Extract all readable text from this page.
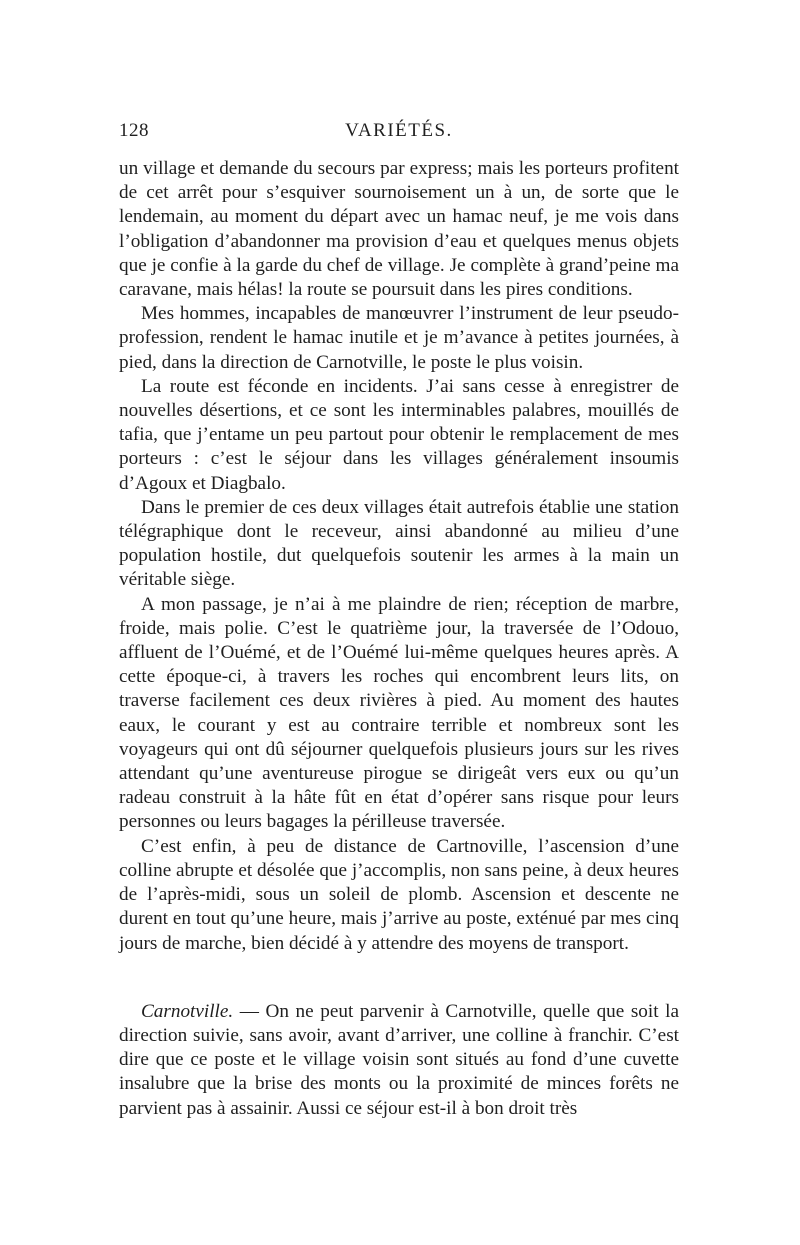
128	VARIÉTÉS.

un village et demande du secours par express; mais les porteurs profitent de cet arrêt pour s’esquiver sournoisement un à un, de sorte que le lendemain, au moment du départ avec un hamac neuf, je me vois dans l’obligation d’abandonner ma provision d’eau et quelques menus objets que je confie à la garde du chef de village. Je complète à grand’peine ma caravane, mais hélas! la route se poursuit dans les pires conditions.

Mes hommes, incapables de manœuvrer l’instrument de leur pseudo-profession, rendent le hamac inutile et je m’avance à petites journées, à pied, dans la direction de Carnotville, le poste le plus voisin.

La route est féconde en incidents. J’ai sans cesse à enregistrer de nouvelles désertions, et ce sont les interminables palabres, mouillés de tafia, que j’entame un peu partout pour obtenir le remplacement de mes porteurs : c’est le séjour dans les villages généralement insoumis d’Agoux et Diagbalo.

Dans le premier de ces deux villages était autrefois établie une station télégraphique dont le receveur, ainsi abandonné au milieu d’une population hostile, dut quelquefois soutenir les armes à la main un véritable siège.

A mon passage, je n’ai à me plaindre de rien; réception de marbre, froide, mais polie. C’est le quatrième jour, la traversée de l’Odouo, affluent de l’Ouémé, et de l’Ouémé lui-même quelques heures après. A cette époque-ci, à travers les roches qui encombrent leurs lits, on traverse facilement ces deux rivières à pied. Au moment des hautes eaux, le courant y est au contraire terrible et nombreux sont les voyageurs qui ont dû séjourner quelquefois plusieurs jours sur les rives attendant qu’une aventureuse pirogue se dirigeât vers eux ou qu’un radeau construit à la hâte fût en état d’opérer sans risque pour leurs personnes ou leurs bagages la périlleuse traversée.

C’est enfin, à peu de distance de Cartnoville, l’ascension d’une colline abrupte et désolée que j’accomplis, non sans peine, à deux heures de l’après-midi, sous un soleil de plomb. Ascension et descente ne durent en tout qu’une heure, mais j’arrive au poste, exténué par mes cinq jours de marche, bien décidé à y attendre des moyens de transport.

Carnotville. — On ne peut parvenir à Carnotville, quelle que soit la direction suivie, sans avoir, avant d’arriver, une colline à franchir. C’est dire que ce poste et le village voisin sont situés au fond d’une cuvette insalubre que la brise des monts ou la proximité de minces forêts ne parvient pas à assainir. Aussi ce séjour est-il à bon droit très
